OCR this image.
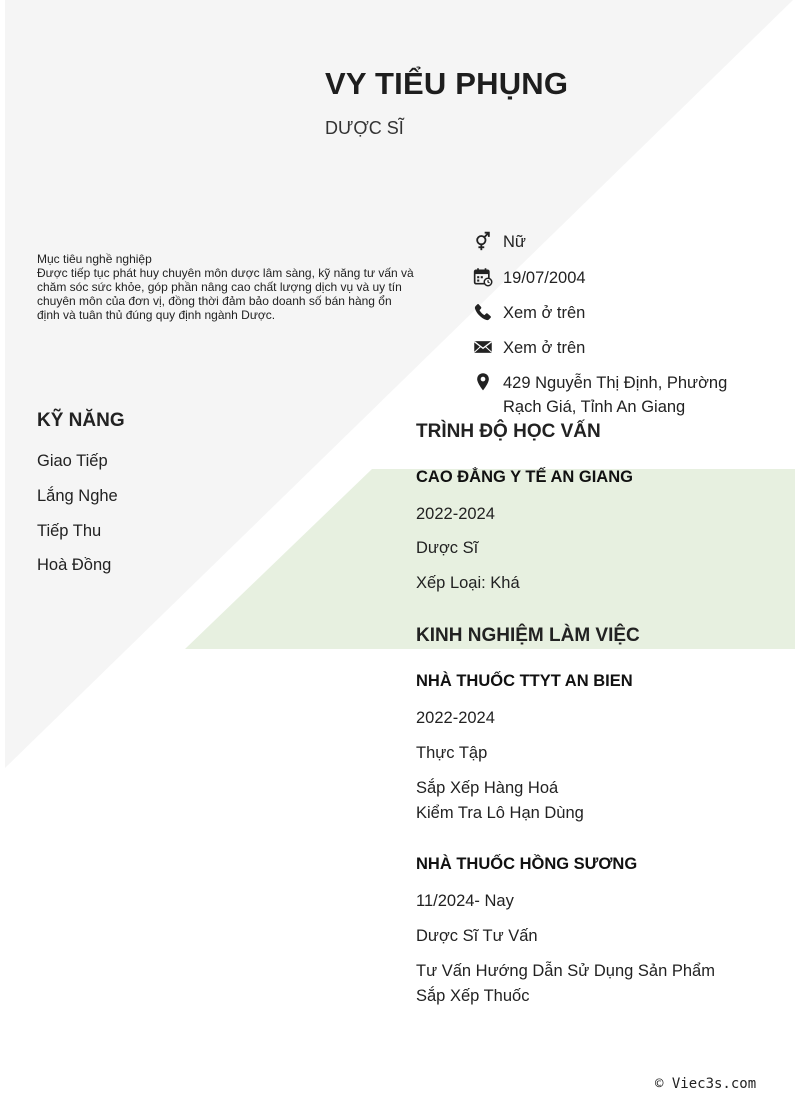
VY TIỂU PHỤNG
DƯỢC SĨ

Mục tiêu nghề nghiệp

Được tiếp tục phát huy chuyên môn dược lâm sàng, kỹ năng tư vấn và chăm sóc sức khỏe, góp phần nâng cao chất lượng dịch vụ và uy tín chuyên môn của đơn vị, đồng thời đảm bảo doanh số bán hàng ổn định và tuân thủ đúng quy định ngành Dược.

Nữ
19/07/2004
Xem ở trên
Xem ở trên
429 Nguyễn Thị Định, Phường Rạch Giá, Tỉnh An Giang
KỸ NĂNG
Giao Tiếp
Lắng Nghe
Tiếp Thu
Hoà Đồng
TRÌNH ĐỘ HỌC VẤN
CAO ĐẲNG Y TẾ AN GIANG
2022-2024
Dược Sĩ
Xếp Loại: Khá
KINH NGHIỆM LÀM VIỆC
NHÀ THUỐC TTYT AN BIEN
2022-2024
Thực Tập
Sắp Xếp Hàng Hoá
Kiểm Tra Lô Hạn Dùng
NHÀ THUỐC HỒNG SƯƠNG
11/2024- Nay
Dược Sĩ Tư Vấn
Tư Vấn Hướng Dẫn Sử Dụng Sản Phẩm
Sắp Xếp Thuốc
© Viec3s.com
